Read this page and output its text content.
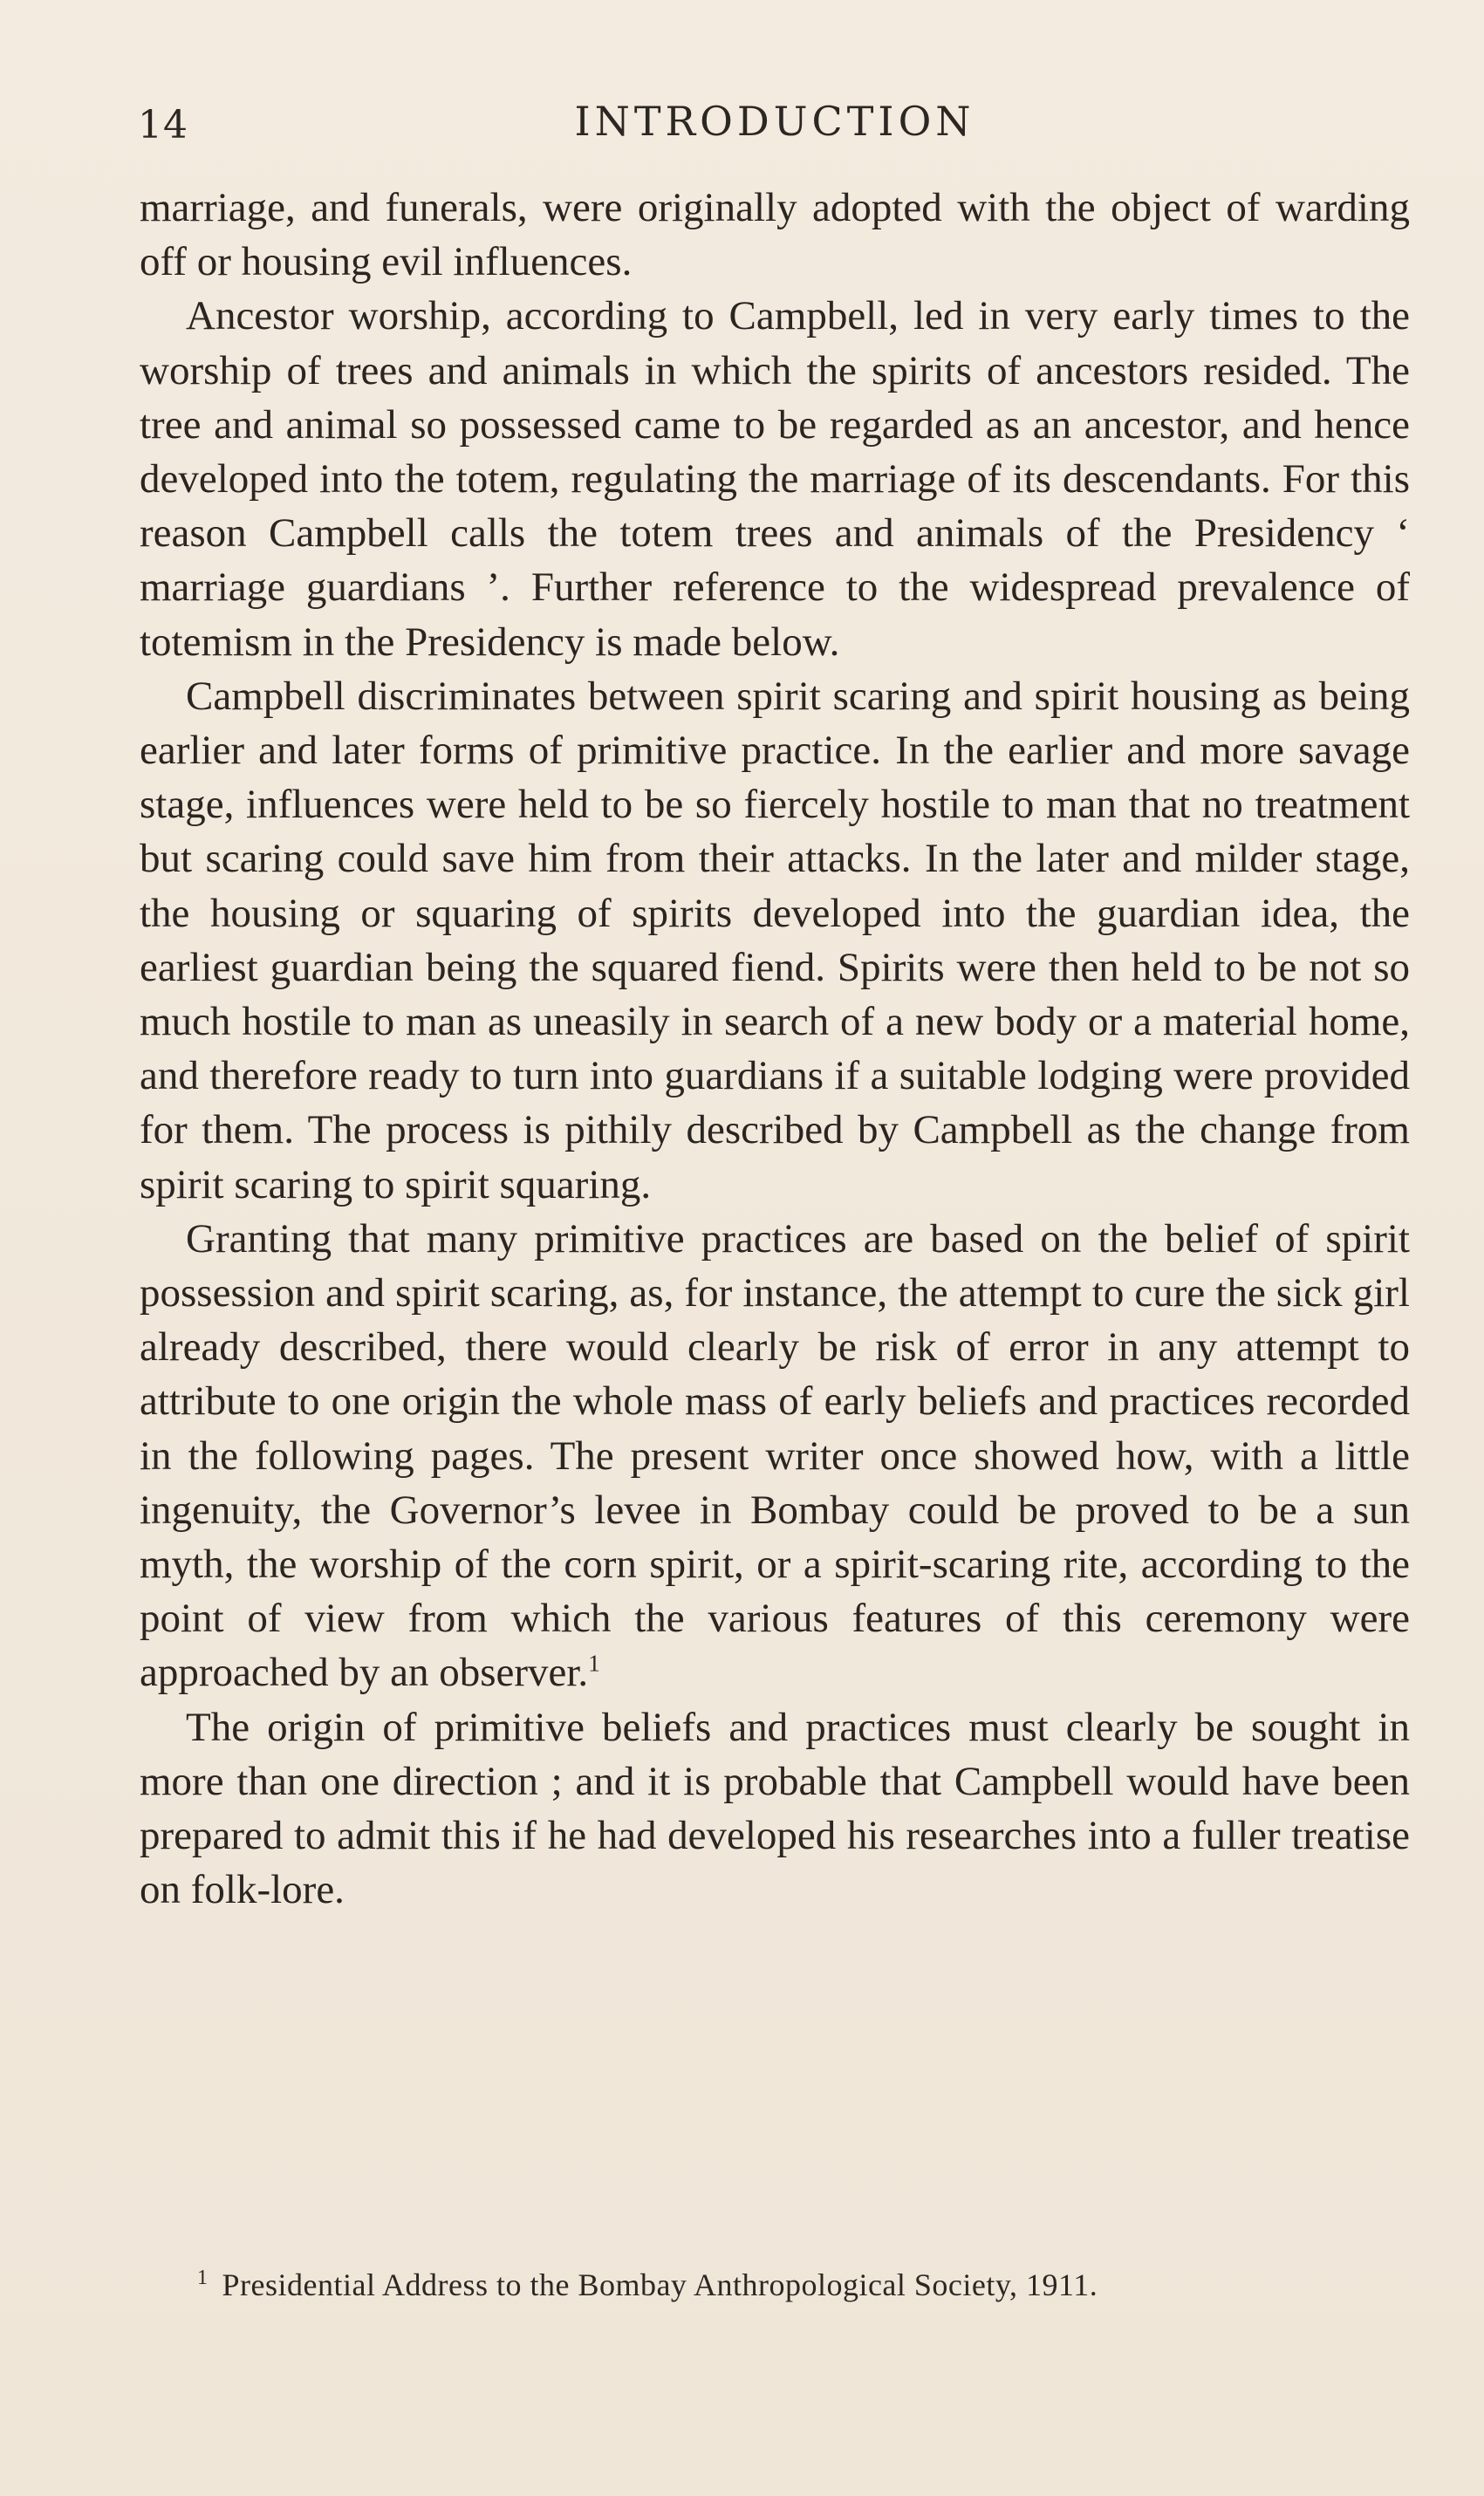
14	INTRODUCTION

marriage, and funerals, were originally adopted with the object of warding off or housing evil influences.

Ancestor worship, according to Campbell, led in very early times to the worship of trees and animals in which the spirits of ancestors resided. The tree and animal so possessed came to be regarded as an ancestor, and hence developed into the totem, regulating the marriage of its descendants. For this reason Campbell calls the totem trees and animals of the Presidency ‘ marriage guardians ’. Further reference to the widespread prevalence of totemism in the Presidency is made below.

Campbell discriminates between spirit scaring and spirit housing as being earlier and later forms of primitive practice. In the earlier and more savage stage, influences were held to be so fiercely hostile to man that no treatment but scaring could save him from their attacks. In the later and milder stage, the housing or squaring of spirits developed into the guardian idea, the earliest guardian being the squared fiend. Spirits were then held to be not so much hostile to man as uneasily in search of a new body or a material home, and therefore ready to turn into guardians if a suitable lodging were provided for them. The process is pithily described by Campbell as the change from spirit scaring to spirit squaring.

Granting that many primitive practices are based on the belief of spirit possession and spirit scaring, as, for instance, the attempt to cure the sick girl already described, there would clearly be risk of error in any attempt to attribute to one origin the whole mass of early beliefs and practices recorded in the following pages. The present writer once showed how, with a little ingenuity, the Governor’s levee in Bombay could be proved to be a sun myth, the worship of the corn spirit, or a spirit-scaring rite, according to the point of view from which the various features of this ceremony were approached by an observer.$^1$

The origin of primitive beliefs and practices must clearly be sought in more than one direction ; and it is probable that Campbell would have been prepared to admit this if he had developed his researches into a fuller treatise on folk-lore.

$^1$ Presidential Address to the Bombay Anthropological Society, 1911.
